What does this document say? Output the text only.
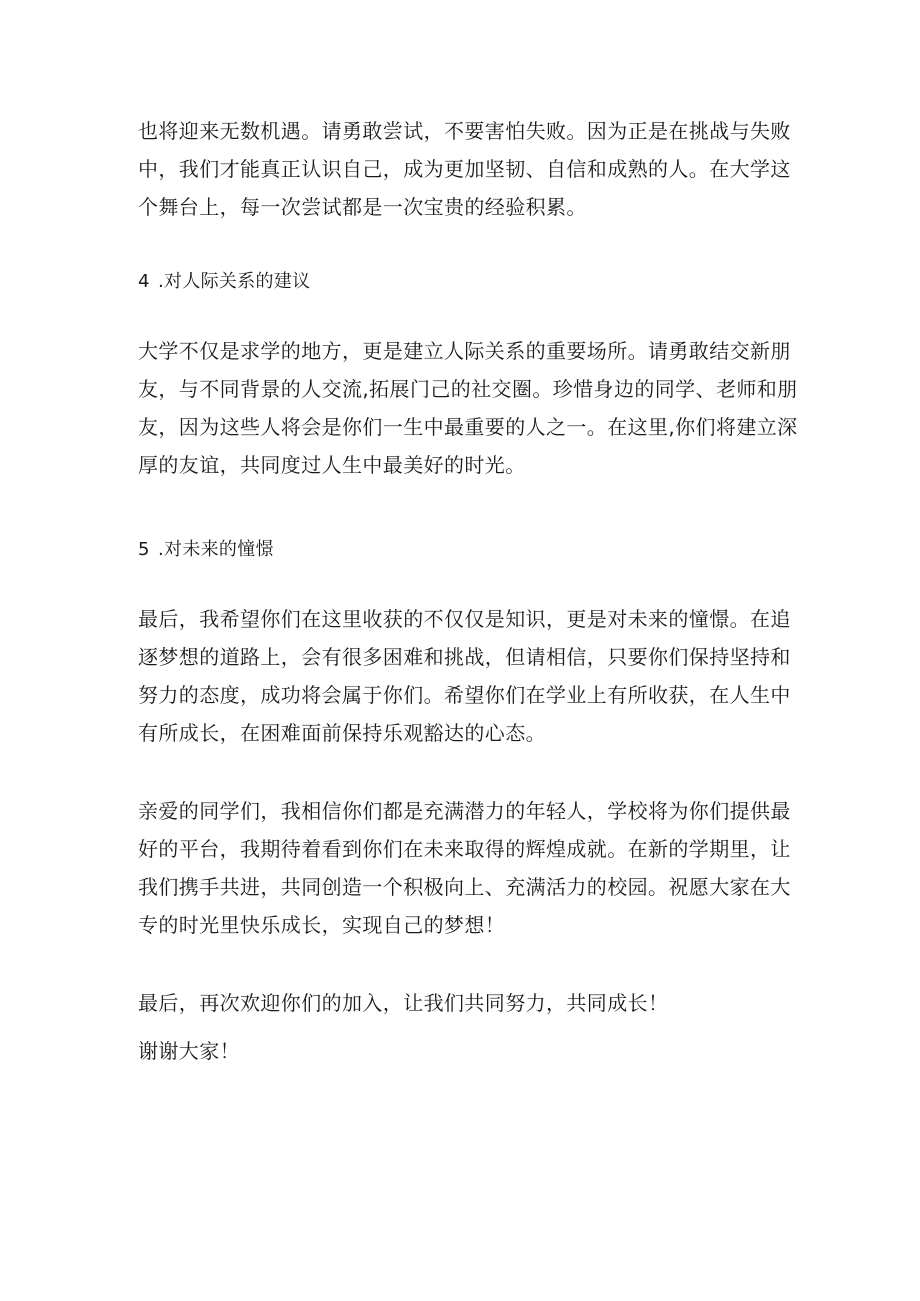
也将迎来无数机遇。请勇敢尝试，不要害怕失败。因为正是在挑战与失败
中，我们才能真正认识自己，成为更加坚韧、自信和成熟的人。在大学这
个舞台上，每一次尝试都是一次宝贵的经验积累。

4 .对人际关系的建议

大学不仅是求学的地方，更是建立人际关系的重要场所。请勇敢结交新朋
友，与不同背景的人交流,拓展门己的社交圈。珍惜身边的同学、老师和朋
友，因为这些人将会是你们一生中最重要的人之一。在这里,你们将建立深
厚的友谊，共同度过人生中最美好的时光。

5 .对未来的憧憬

最后，我希望你们在这里收获的不仅仅是知识，更是对未来的憧憬。在追
逐梦想的道路上，会有很多困难和挑战，但请相信，只要你们保持坚持和
努力的态度，成功将会属于你们。希望你们在学业上有所收获，在人生中
有所成长，在困难面前保持乐观豁达的心态。

亲爱的同学们，我相信你们都是充满潜力的年轻人，学校将为你们提供最
好的平台，我期待着看到你们在未来取得的辉煌成就。在新的学期里，让
我们携手共进，共同创造一个积极向上、充满活力的校园。祝愿大家在大
专的时光里快乐成长，实现自己的梦想！

最后，再次欢迎你们的加入，让我们共同努力，共同成长！

谢谢大家！
